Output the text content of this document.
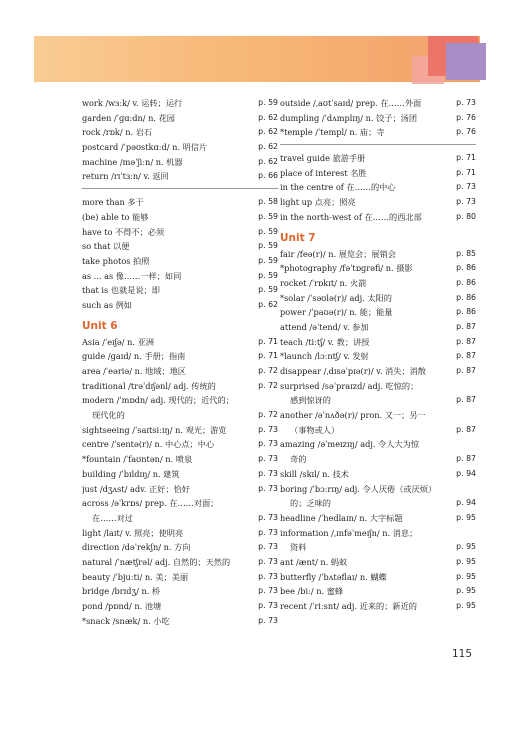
work /wɜːk/ v. 运转；运行	p. 59
garden /ˈɡɑːdn/ n. 花园	p. 62
rock /rɒk/ n. 岩石	p. 62
postcard /ˈpəʊstkɑːd/ n. 明信片	p. 62
machine /məˈʃiːn/ n. 机器	p. 62
return /rɪˈtɜːn/ v. 返回	p. 66
more than 多于	p. 58
(be) able to 能够	p. 59
have to 不得不；必须	p. 59
so that 以便	p. 59
take photos 拍照	p. 59
as ... as 像……一样；如同	p. 59
that is 也就是说；即	p. 59
such as 例如	p. 62
Unit 6
Asia /ˈeɪʃə/ n. 亚洲	p. 71
guide /ɡaɪd/ n. 手册；指南	p. 71
area /ˈeəriə/ n. 地域；地区	p. 72
traditional /trəˈdɪʃənl/ adj. 传统的	p. 72
modern /ˈmɒdn/ adj. 现代的；近代的；
现代化的	p. 72
sightseeing /ˈsaɪtsiːɪŋ/ n. 观光；游览	p. 73
centre /ˈsentə(r)/ n. 中心点；中心	p. 73
*fountain /ˈfaʊntən/ n. 喷泉	p. 73
building /ˈbɪldɪŋ/ n. 建筑	p. 73
just /dʒʌst/ adv. 正好；恰好	p. 73
across /əˈkrɒs/ prep. 在……对面；
在……对过	p. 73
light /laɪt/ v. 照亮；使明亮	p. 73
direction /dəˈrekʃn/ n. 方向	p. 73
natural /ˈnætʃrəl/ adj. 自然的；天然的	p. 73
beauty /ˈbjuːti/ n. 美；美丽	p. 73
bridge /brɪdʒ/ n. 桥	p. 73
pond /pɒnd/ n. 池塘	p. 73
*snack /snæk/ n. 小吃	p. 73
outside /ˌaʊtˈsaɪd/ prep. 在……外面	p. 73
dumpling /ˈdʌmplɪŋ/ n. 饺子；汤团	p. 76
*temple /ˈtempl/ n. 庙；寺	p. 76
travel guide 旅游手册	p. 71
place of interest 名胜	p. 71
in the centre of 在……的中心	p. 73
light up 点亮；照亮	p. 73
in the north-west of 在……的西北部	p. 80
Unit 7
fair /feə(r)/ n. 展览会；展销会	p. 85
*photography /fəˈtɒɡrəfi/ n. 摄影	p. 86
rocket /ˈrɒkɪt/ n. 火箭	p. 86
*solar /ˈsəʊlə(r)/ adj. 太阳的	p. 86
power /ˈpaʊə(r)/ n. 能；能量	p. 86
attend /əˈtend/ v. 参加	p. 87
teach /tiːtʃ/ v. 教；讲授	p. 87
*launch /lɔːntʃ/ v. 发射	p. 87
disappear /ˌdɪsəˈpɪə(r)/ v. 消失；消散	p. 87
surprised /səˈpraɪzd/ adj. 吃惊的；
感到惊讶的	p. 87
another /əˈnʌðə(r)/ pron. 又一；另一
（事物或人）	p. 87
amazing /əˈmeɪzɪŋ/ adj. 令人大为惊
奇的	p. 87
skill /skɪl/ n. 技术	p. 94
boring /ˈbɔːrɪŋ/ adj. 令人厌倦（或厌烦）
的；乏味的	p. 94
headline /ˈhedlaɪn/ n. 大字标题	p. 95
information /ˌɪnfəˈmeɪʃn/ n. 消息；
资料	p. 95
ant /ænt/ n. 蚂蚁	p. 95
butterfly /ˈbʌtəflaɪ/ n. 蝴蝶	p. 95
bee /biː/ n. 蜜蜂	p. 95
recent /ˈriːsnt/ adj. 近来的；新近的	p. 95
115
